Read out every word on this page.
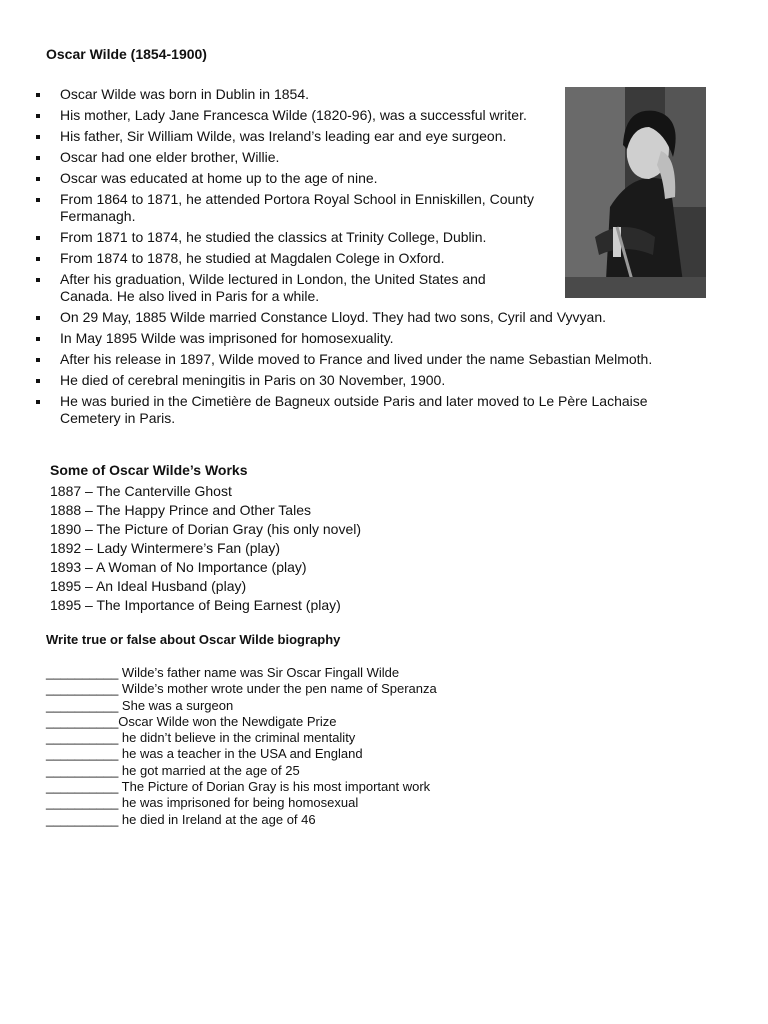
Oscar Wilde (1854-1900)
Oscar Wilde was born in Dublin in 1854.
His mother, Lady Jane Francesca Wilde (1820-96), was a successful writer.
His father, Sir William Wilde, was Ireland’s leading ear and eye surgeon.
Oscar had one elder brother, Willie.
Oscar was educated at home up to the age of nine.
From 1864 to 1871, he attended Portora Royal School in Enniskillen, County Fermanagh.
From 1871 to 1874, he studied the classics at Trinity College, Dublin.
From 1874 to 1878, he studied at Magdalen Colege in Oxford.
After his graduation, Wilde lectured in London, the United States and Canada. He also lived in Paris for a while.
On 29 May, 1885 Wilde married Constance Lloyd. They had two sons, Cyril and Vyvyan.
In May 1895 Wilde was imprisoned for homosexuality.
After his release in 1897, Wilde moved to France and lived under the name Sebastian Melmoth.
He died of cerebral meningitis in Paris on 30 November, 1900.
He was buried in the Cimetière de Bagneux outside Paris and later moved to Le Père Lachaise Cemetery in Paris.
Some of Oscar Wilde’s Works
1887 – The Canterville Ghost
1888 – The Happy Prince and Other Tales
1890 – The Picture of Dorian Gray (his only novel)
1892 – Lady Wintermere’s Fan (play)
1893 – A Woman of No Importance (play)
1895 – An Ideal Husband (play)
1895 – The Importance of Being Earnest (play)
Write true or false about Oscar Wilde biography
__________ Wilde’s father name was Sir Oscar Fingall Wilde
__________ Wilde’s mother wrote under the pen name of Speranza
__________ She was a surgeon
__________Oscar Wilde won the Newdigate Prize
__________ he didn’t believe in the criminal mentality
__________ he was a teacher in the USA and England
__________ he got married at the age of 25
__________ The Picture of Dorian Gray is his most important work
__________ he was imprisoned for being homosexual
__________ he died in Ireland at the age of 46
